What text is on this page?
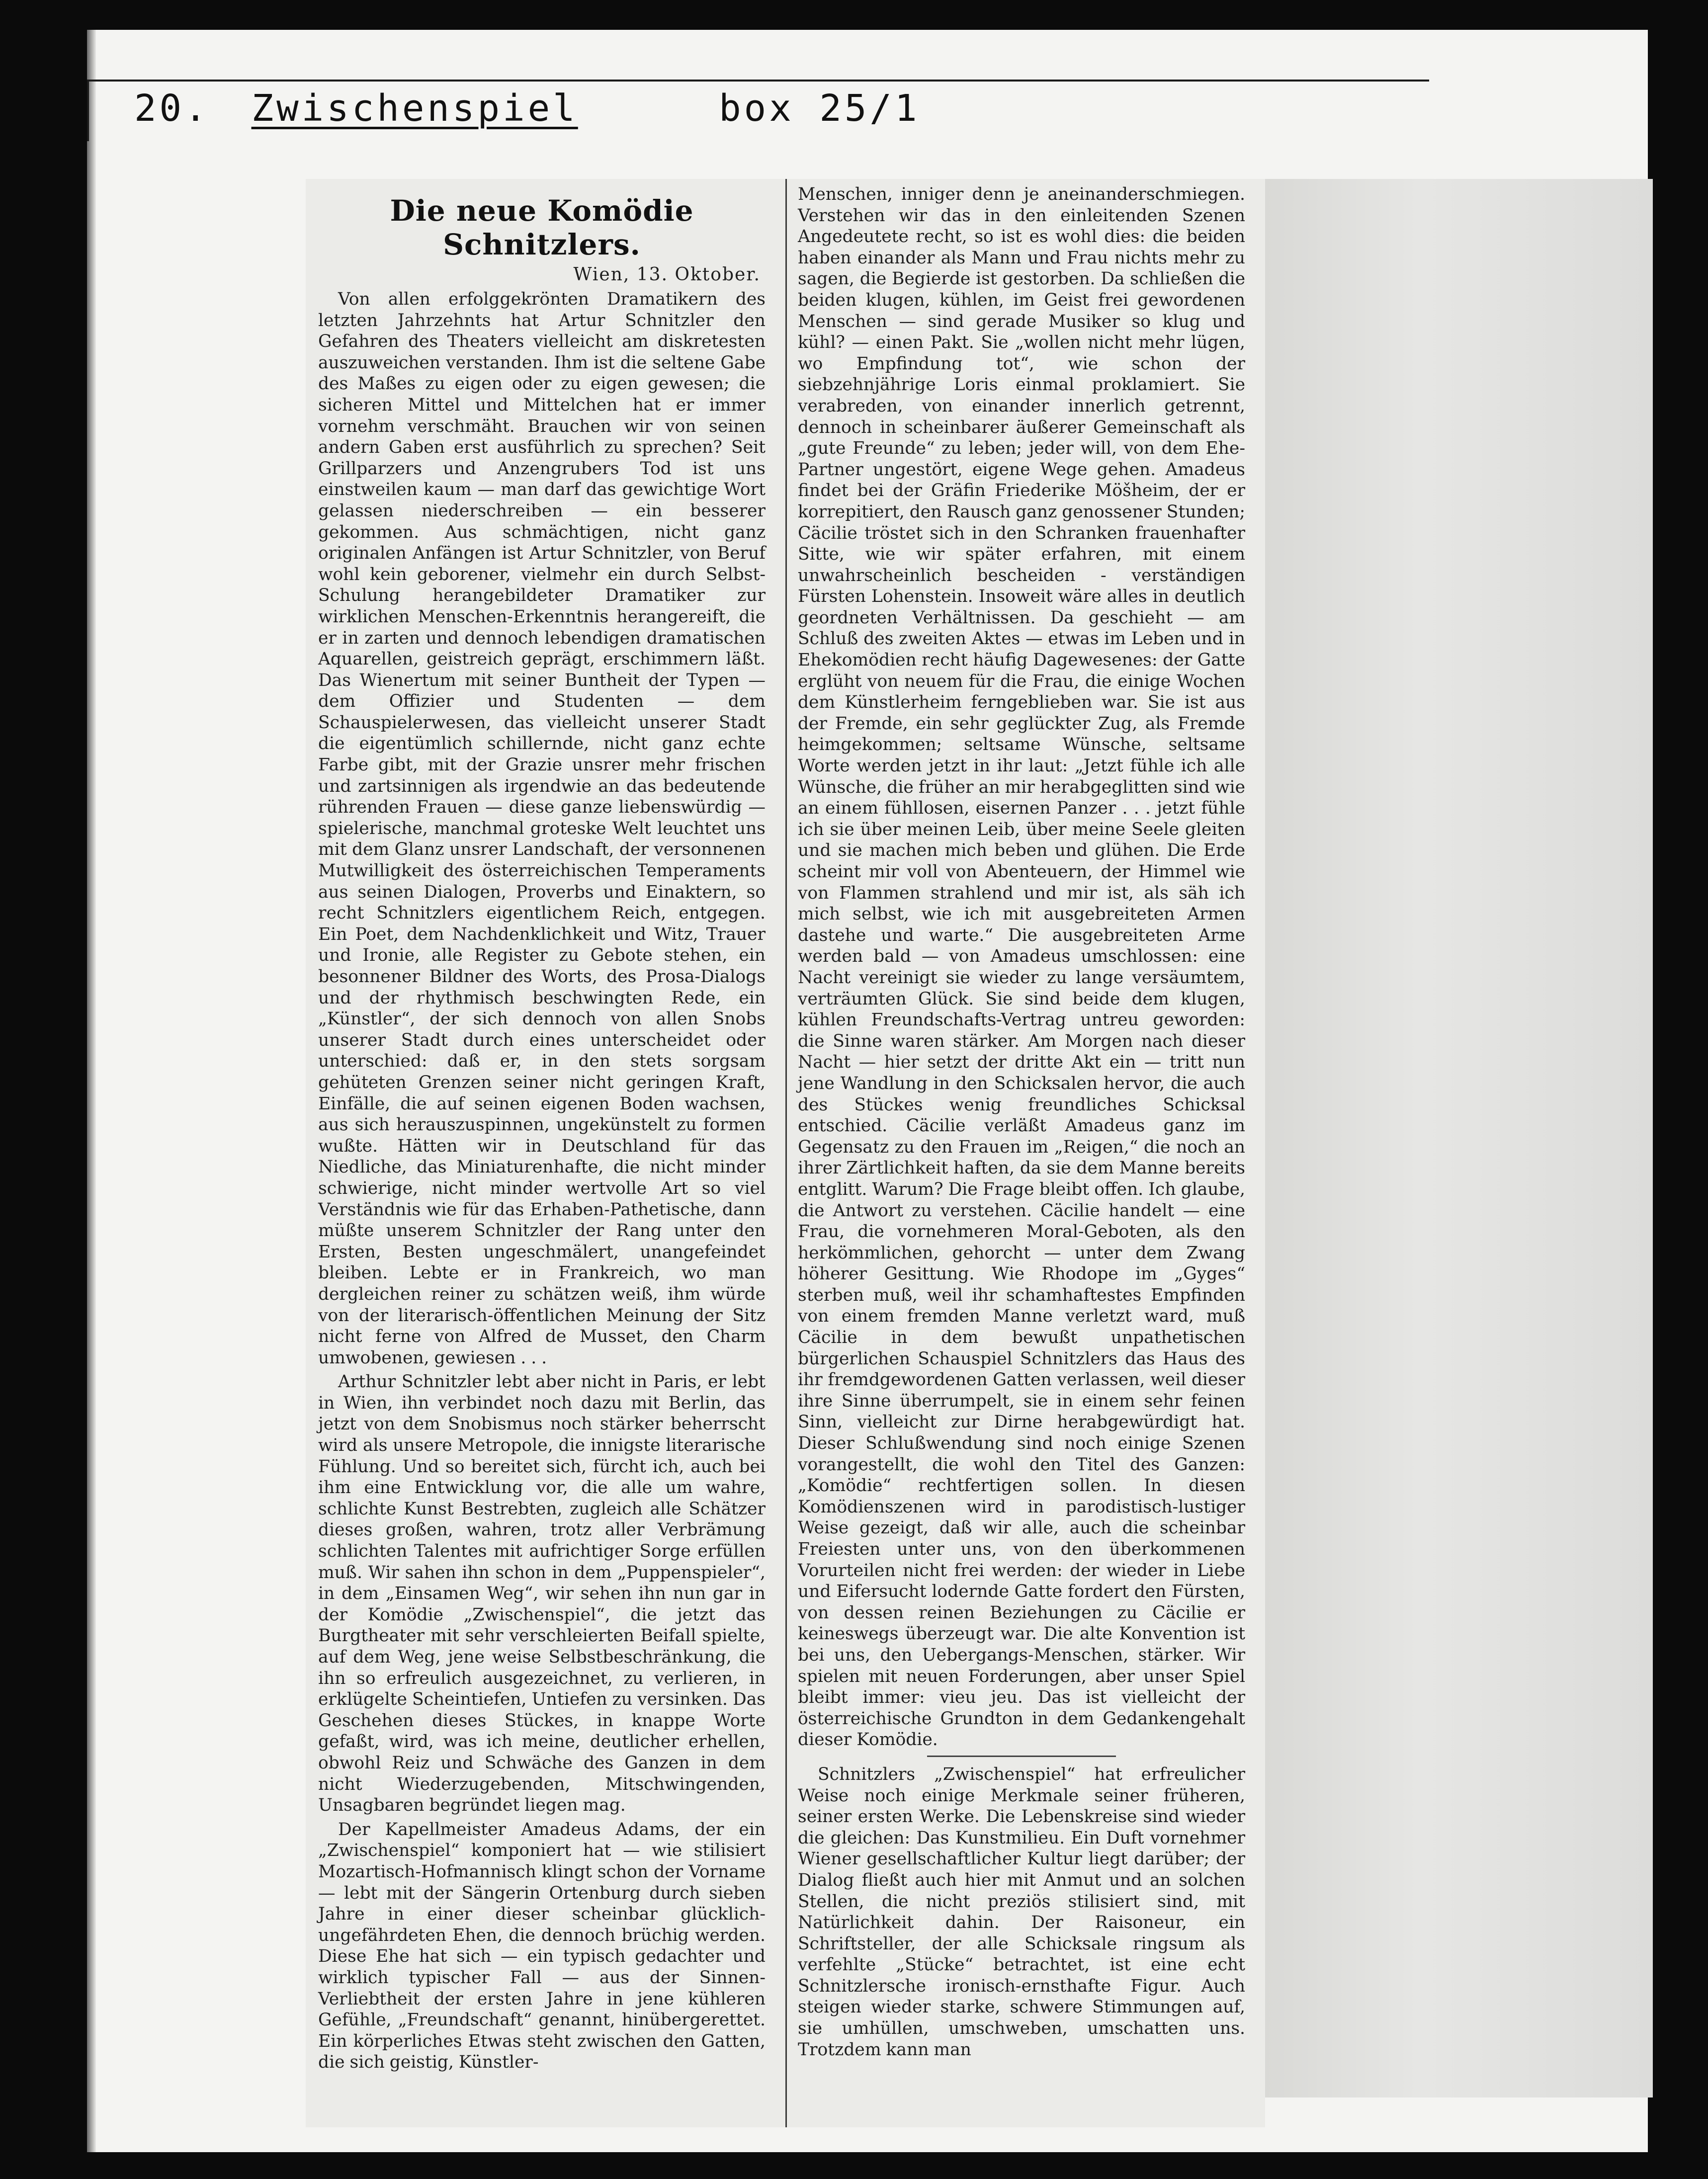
20. Zwischenspiel	box 25/1
Die neue Komödie Schnitzlers.
Wien, 13. Oktober.

Von allen erfolggekrönten Dramatikern des letzten Jahrzehnts hat Artur Schnitzler den Gefahren des Theaters vielleicht am diskretesten auszuweichen verstanden. Ihm ist die seltene Gabe des Maßes zu eigen oder zu eigen gewesen; die sicheren Mittel und Mittelchen hat er immer vornehm verschmäht. Brauchen wir von seinen andern Gaben erst ausführlich zu sprechen? Seit Grillparzers und Anzengrubers Tod ist uns einstweilen kaum — man darf das gewichtige Wort gelassen niederschreiben — ein besserer gekommen. Aus schmächtigen, nicht ganz originalen Anfängen ist Artur Schnitzler, von Beruf wohl kein geborener, vielmehr ein durch Selbst-Schulung herangebildeter Dramatiker zur wirklichen Menschen-Erkenntnis herangereift, die er in zarten und dennoch lebendigen dramatischen Aquarellen, geistreich geprägt, erschimmern läßt. Das Wienertum mit seiner Buntheit der Typen — dem Offizier und Studenten — dem Schauspielerwesen, das vielleicht unserer Stadt die eigentümlich schillernde, nicht ganz echte Farbe gibt, mit der Grazie unsrer mehr frischen und zartsinnigen als irgendwie an das bedeutende rührenden Frauen — diese ganze liebenswürdig — spielerische, manchmal groteske Welt leuchtet uns mit dem Glanz unsrer Landschaft, der versonnenen Mutwilligkeit des österreichischen Temperaments aus seinen Dialogen, Proverbs und Einaktern, so recht Schnitzlers eigentlichem Reich, entgegen. Ein Poet, dem Nachdenklichkeit und Witz, Trauer und Ironie, alle Register zu Gebote stehen, ein besonnener Bildner des Worts, des Prosa-Dialogs und der rhythmisch beschwingten Rede, ein „Künstler“, der sich dennoch von allen Snobs unserer Stadt durch eines unterscheidet oder unterschied: daß er, in den stets sorgsam gehüteten Grenzen seiner nicht geringen Kraft, Einfälle, die auf seinen eigenen Boden wachsen, aus sich herauszuspinnen, ungekünstelt zu formen wußte. Hätten wir in Deutschland für das Niedliche, das Miniaturenhafte, die nicht minder schwierige, nicht minder wertvolle Art so viel Verständnis wie für das Erhaben-Pathetische, dann müßte unserem Schnitzler der Rang unter den Ersten, Besten ungeschmälert, unangefeindet bleiben. Lebte er in Frankreich, wo man dergleichen reiner zu schätzen weiß, ihm würde von der literarisch-öffentlichen Meinung der Sitz nicht ferne von Alfred de Musset, den Charm umwobenen, gewiesen . . .

Arthur Schnitzler lebt aber nicht in Paris, er lebt in Wien, ihn verbindet noch dazu mit Berlin, das jetzt von dem Snobismus noch stärker beherrscht wird als unsere Metropole, die innigste literarische Fühlung. Und so bereitet sich, fürcht ich, auch bei ihm eine Entwicklung vor, die alle um wahre, schlichte Kunst Bestrebten, zugleich alle Schätzer dieses großen, wahren, trotz aller Verbrämung schlichten Talentes mit aufrichtiger Sorge erfüllen muß. Wir sahen ihn schon in dem „Puppenspieler“, in dem „Einsamen Weg“, wir sehen ihn nun gar in der Komödie „Zwischenspiel“, die jetzt das Burgtheater mit sehr verschleierten Beifall spielte, auf dem Weg, jene weise Selbstbeschränkung, die ihn so erfreulich ausgezeichnet, zu verlieren, in erklügelte Scheintiefen, Untiefen zu versinken. Das Geschehen dieses Stückes, in knappe Worte gefaßt, wird, was ich meine, deutlicher erhellen, obwohl Reiz und Schwäche des Ganzen in dem nicht Wiederzugebenden, Mitschwingenden, Unsagbaren begründet liegen mag.

Der Kapellmeister Amadeus Adams, der ein „Zwischenspiel“ komponiert hat — wie stilisiert Mozartisch-Hofmannisch klingt schon der Vorname — lebt mit der Sängerin Ortenburg durch sieben Jahre in einer dieser scheinbar glücklich-ungefährdeten Ehen, die dennoch brüchig werden. Diese Ehe hat sich — ein typisch gedachter und wirklich typischer Fall — aus der Sinnen-Verliebtheit der ersten Jahre in jene kühleren Gefühle, „Freundschaft“ genannt, hinübergerettet. Ein körperliches Etwas steht zwischen den Gatten, die sich geistig, Künstler-

Menschen, inniger denn je aneinanderschmiegen. Verstehen wir das in den einleitenden Szenen Angedeutete recht, so ist es wohl dies: die beiden haben einander als Mann und Frau nichts mehr zu sagen, die Begierde ist gestorben. Da schließen die beiden klugen, kühlen, im Geist frei gewordenen Menschen — sind gerade Musiker so klug und kühl? — einen Pakt. Sie „wollen nicht mehr lügen, wo Empfindung tot“, wie schon der siebzehnjährige Loris einmal proklamiert. Sie verabreden, von einander innerlich getrennt, dennoch in scheinbarer äußerer Gemeinschaft als „gute Freunde“ zu leben; jeder will, von dem Ehe-Partner ungestört, eigene Wege gehen. Amadeus findet bei der Gräfin Friederike Möšheim, der er korrepitiert, den Rausch ganz genossener Stunden; Cäcilie tröstet sich in den Schranken frauenhafter Sitte, wie wir später erfahren, mit einem unwahrscheinlich bescheiden - verständigen Fürsten Lohenstein. Insoweit wäre alles in deutlich geordneten Verhältnissen. Da geschieht — am Schluß des zweiten Aktes — etwas im Leben und in Ehekomödien recht häufig Dagewesenes: der Gatte erglüht von neuem für die Frau, die einige Wochen dem Künstlerheim ferngeblieben war. Sie ist aus der Fremde, ein sehr geglückter Zug, als Fremde heimgekommen; seltsame Wünsche, seltsame Worte werden jetzt in ihr laut: „Jetzt fühle ich alle Wünsche, die früher an mir herabgeglitten sind wie an einem fühllosen, eisernen Panzer . . . jetzt fühle ich sie über meinen Leib, über meine Seele gleiten und sie machen mich beben und glühen. Die Erde scheint mir voll von Abenteuern, der Himmel wie von Flammen strahlend und mir ist, als säh ich mich selbst, wie ich mit ausgebreiteten Armen dastehe und warte.“ Die ausgebreiteten Arme werden bald — von Amadeus umschlossen: eine Nacht vereinigt sie wieder zu lange versäumtem, verträumten Glück. Sie sind beide dem klugen, kühlen Freundschafts-Vertrag untreu geworden: die Sinne waren stärker. Am Morgen nach dieser Nacht — hier setzt der dritte Akt ein — tritt nun jene Wandlung in den Schicksalen hervor, die auch des Stückes wenig freundliches Schicksal entschied. Cäcilie verläßt Amadeus ganz im Gegensatz zu den Frauen im „Reigen,“ die noch an ihrer Zärtlichkeit haften, da sie dem Manne bereits entglitt. Warum? Die Frage bleibt offen. Ich glaube, die Antwort zu verstehen. Cäcilie handelt — eine Frau, die vornehmeren Moral-Geboten, als den herkömmlichen, gehorcht — unter dem Zwang höherer Gesittung. Wie Rhodope im „Gyges“ sterben muß, weil ihr schamhaftestes Empfinden von einem fremden Manne verletzt ward, muß Cäcilie in dem bewußt unpathetischen bürgerlichen Schauspiel Schnitzlers das Haus des ihr fremdgewordenen Gatten verlassen, weil dieser ihre Sinne überrumpelt, sie in einem sehr feinen Sinn, vielleicht zur Dirne herabgewürdigt hat. Dieser Schlußwendung sind noch einige Szenen vorangestellt, die wohl den Titel des Ganzen: „Komödie“ rechtfertigen sollen. In diesen Komödienszenen wird in parodistisch-lustiger Weise gezeigt, daß wir alle, auch die scheinbar Freiesten unter uns, von den überkommenen Vorurteilen nicht frei werden: der wieder in Liebe und Eifersucht lodernde Gatte fordert den Fürsten, von dessen reinen Beziehungen zu Cäcilie er keineswegs überzeugt war. Die alte Konvention ist bei uns, den Uebergangs-Menschen, stärker. Wir spielen mit neuen Forderungen, aber unser Spiel bleibt immer: vieu jeu. Das ist vielleicht der österreichische Grundton in dem Gedankengehalt dieser Komödie.

Schnitzlers „Zwischenspiel“ hat erfreulicher Weise noch einige Merkmale seiner früheren, seiner ersten Werke. Die Lebenskreise sind wieder die gleichen: Das Kunstmilieu. Ein Duft vornehmer Wiener gesellschaftlicher Kultur liegt darüber; der Dialog fließt auch hier mit Anmut und an solchen Stellen, die nicht preziös stilisiert sind, mit Natürlichkeit dahin. Der Raisoneur, ein Schriftsteller, der alle Schicksale ringsum als verfehlte „Stücke“ betrachtet, ist eine echt Schnitzlersche ironisch-ernsthafte Figur. Auch steigen wieder starke, schwere Stimmungen auf, sie umhüllen, umschweben, umschatten uns. Trotzdem kann man
